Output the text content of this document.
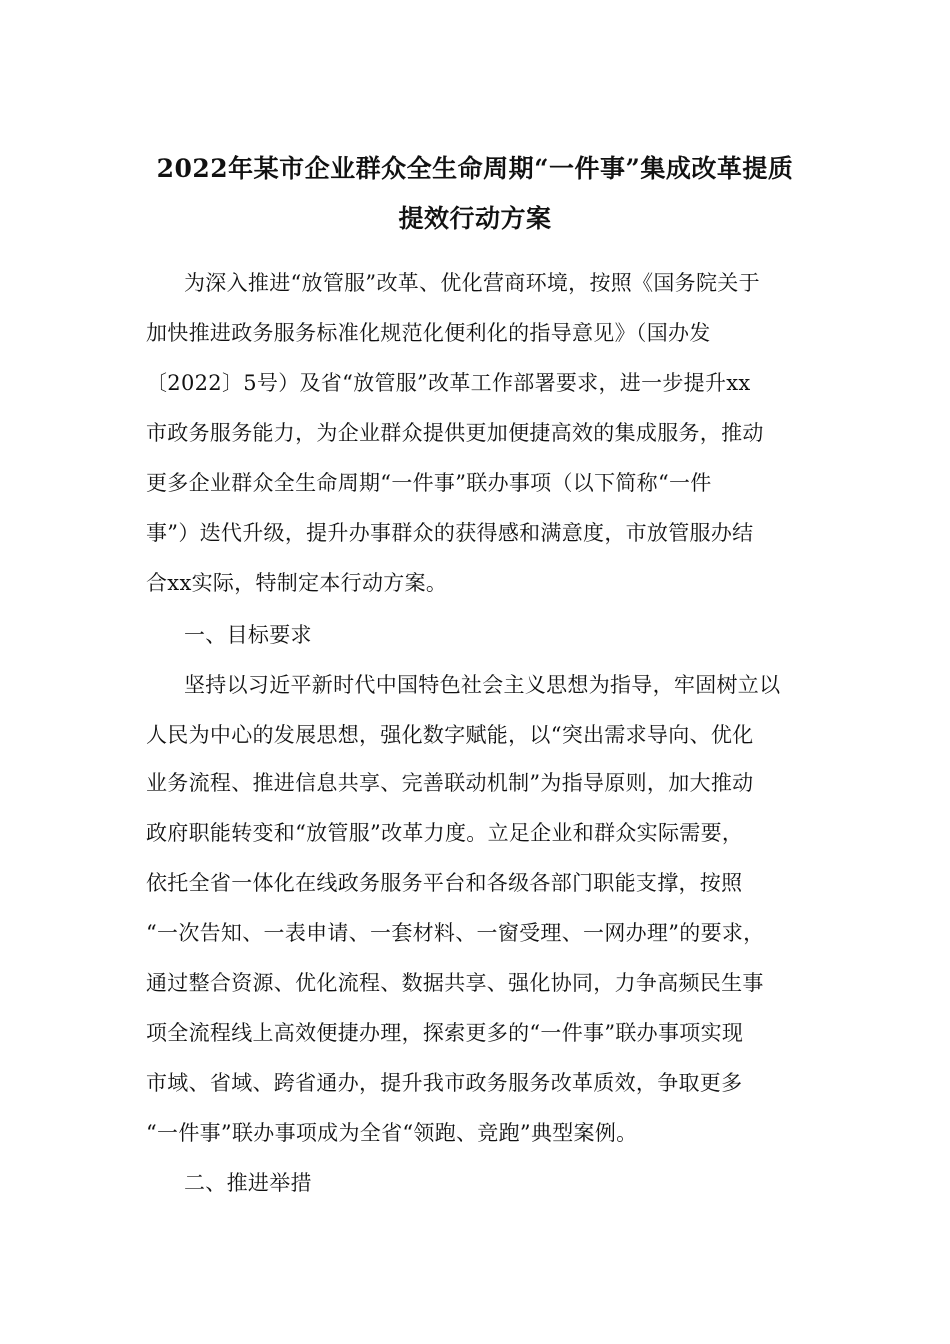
2022年某市企业群众全生命周期“一件事”集成改革提质
提效行动方案
为深入推进“放管服”改革、优化营商环境，按照《国务院关于
加快推进政务服务标准化规范化便利化的指导意见》（国办发
〔2022〕5号）及省“放管服”改革工作部署要求，进一步提升xx
市政务服务能力，为企业群众提供更加便捷高效的集成服务，推动
更多企业群众全生命周期“一件事”联办事项（以下简称“一件
事”）迭代升级，提升办事群众的获得感和满意度，市放管服办结
合xx实际，特制定本行动方案。
一、目标要求
坚持以习近平新时代中国特色社会主义思想为指导，牢固树立以
人民为中心的发展思想，强化数字赋能，以“突出需求导向、优化
业务流程、推进信息共享、完善联动机制”为指导原则，加大推动
政府职能转变和“放管服”改革力度。立足企业和群众实际需要，
依托全省一体化在线政务服务平台和各级各部门职能支撑，按照
“一次告知、一表申请、一套材料、一窗受理、一网办理”的要求，
通过整合资源、优化流程、数据共享、强化协同，力争高频民生事
项全流程线上高效便捷办理，探索更多的“一件事”联办事项实现
市域、省域、跨省通办，提升我市政务服务改革质效，争取更多
“一件事”联办事项成为全省“领跑、竞跑”典型案例。
二、推进举措
